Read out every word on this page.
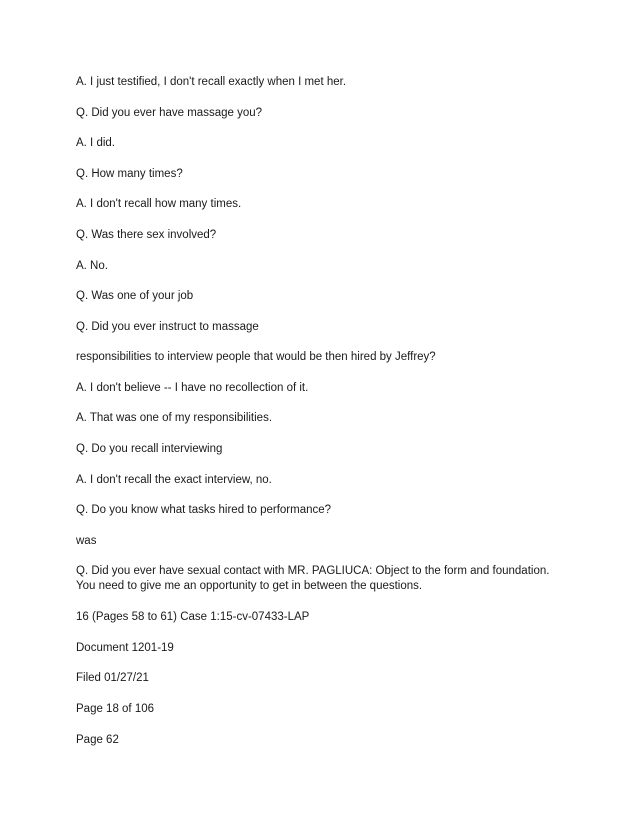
A. I just testified, I don't recall exactly when I met her.
Q. Did you ever have massage you?
A. I did.
Q. How many times?
A. I don't recall how many times.
Q. Was there sex involved?
A. No.
Q. Was one of your job
Q. Did you ever instruct to massage
responsibilities to interview people that would be then hired by Jeffrey?
A. I don't believe -- I have no recollection of it.
A. That was one of my responsibilities.
Q. Do you recall interviewing
A. I don't recall the exact interview, no.
Q. Do you know what tasks hired to performance?
was
Q. Did you ever have sexual contact with MR. PAGLIUCA: Object to the form and foundation. You need to give me an opportunity to get in between the questions.
16 (Pages 58 to 61) Case 1:15-cv-07433-LAP
Document 1201-19
Filed 01/27/21
Page 18 of 106
Page 62
